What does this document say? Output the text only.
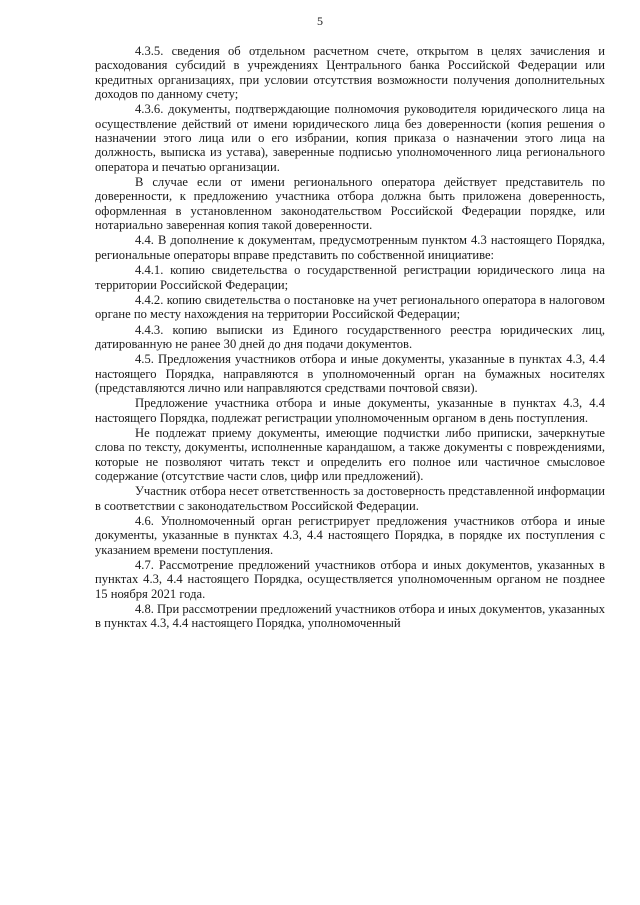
5

4.3.5. сведения об отдельном расчетном счете, открытом в целях зачисления и расходования субсидий в учреждениях Центрального банка Российской Федерации или кредитных организациях, при условии отсутствия возможности получения дополнительных доходов по данному счету;

4.3.6. документы, подтверждающие полномочия руководителя юридического лица на осуществление действий от имени юридического лица без доверенности (копия решения о назначении этого лица или о его избрании, копия приказа о назначении этого лица на должность, выписка из устава), заверенные подписью уполномоченного лица регионального оператора и печатью организации.

В случае если от имени регионального оператора действует представитель по доверенности, к предложению участника отбора должна быть приложена доверенность, оформленная в установленном законодательством Российской Федерации порядке, или нотариально заверенная копия такой доверенности.

4.4. В дополнение к документам, предусмотренным пунктом 4.3 настоящего Порядка, региональные операторы вправе представить по собственной инициативе:

4.4.1. копию свидетельства о государственной регистрации юридического лица на территории Российской Федерации;

4.4.2. копию свидетельства о постановке на учет регионального оператора в налоговом органе по месту нахождения на территории Российской Федерации;

4.4.3. копию выписки из Единого государственного реестра юридических лиц, датированную не ранее 30 дней до дня подачи документов.

4.5. Предложения участников отбора и иные документы, указанные в пунктах 4.3, 4.4 настоящего Порядка, направляются в уполномоченный орган на бумажных носителях (представляются лично или направляются средствами почтовой связи).

Предложение участника отбора и иные документы, указанные в пунктах 4.3, 4.4 настоящего Порядка, подлежат регистрации уполномоченным органом в день поступления.

Не подлежат приему документы, имеющие подчистки либо приписки, зачеркнутые слова по тексту, документы, исполненные карандашом, а также документы с повреждениями, которые не позволяют читать текст и определить его полное или частичное смысловое содержание (отсутствие части слов, цифр или предложений).

Участник отбора несет ответственность за достоверность представленной информации в соответствии с законодательством Российской Федерации.

4.6. Уполномоченный орган регистрирует предложения участников отбора и иные документы, указанные в пунктах 4.3, 4.4 настоящего Порядка, в порядке их поступления с указанием времени поступления.

4.7. Рассмотрение предложений участников отбора и иных документов, указанных в пунктах 4.3, 4.4 настоящего Порядка, осуществляется уполномоченным органом не позднее 15 ноября 2021 года.

4.8. При рассмотрении предложений участников отбора и иных документов, указанных в пунктах 4.3, 4.4 настоящего Порядка, уполномоченный
